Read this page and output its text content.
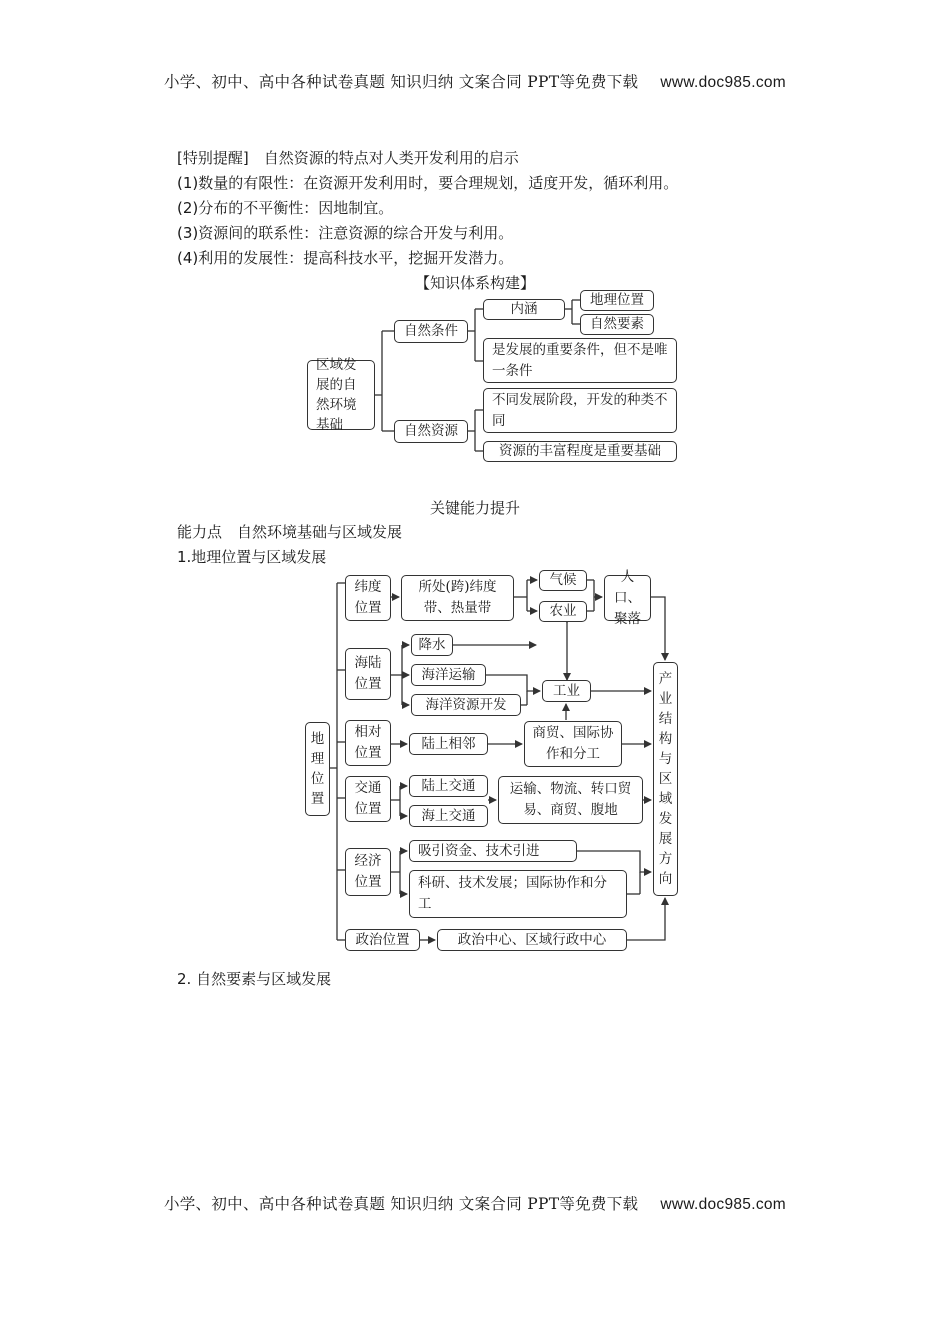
小学、初中、高中各种试卷真题 知识归纳 文案合同 PPT等免费下载 www.doc985.com
[特别提醒]　自然资源的特点对人类开发利用的启示
(1)数量的有限性：在资源开发利用时，要合理规划，适度开发，循环利用。
(2)分布的不平衡性：因地制宜。
(3)资源间的联系性：注意资源的综合开发与利用。
(4)利用的发展性：提高科技水平，挖掘开发潜力。
【知识体系构建】
区域发展的自然环境基础
自然条件
内涵
地理位置
自然要素
是发展的重要条件，但不是唯一条件
自然资源
不同发展阶段，开发的种类不同
资源的丰富程度是重要基础
关键能力提升
能力点　自然环境基础与区域发展
1.地理位置与区域发展
地理位置
纬度位置
所处(跨)纬度带、热量带
气候
农业
人口、聚落
海陆位置
降水
海洋运输
海洋资源开发
工业
相对位置
陆上相邻
商贸、国际协作和分工
交通位置
陆上交通
海上交通
运输、物流、转口贸易、商贸、腹地
经济位置
吸引资金、技术引进
科研、技术发展；国际协作和分工
政治位置	政治中心、区域行政中心
产业结构与区域发展方向
2. 自然要素与区域发展
小学、初中、高中各种试卷真题 知识归纳 文案合同 PPT等免费下载 www.doc985.com
